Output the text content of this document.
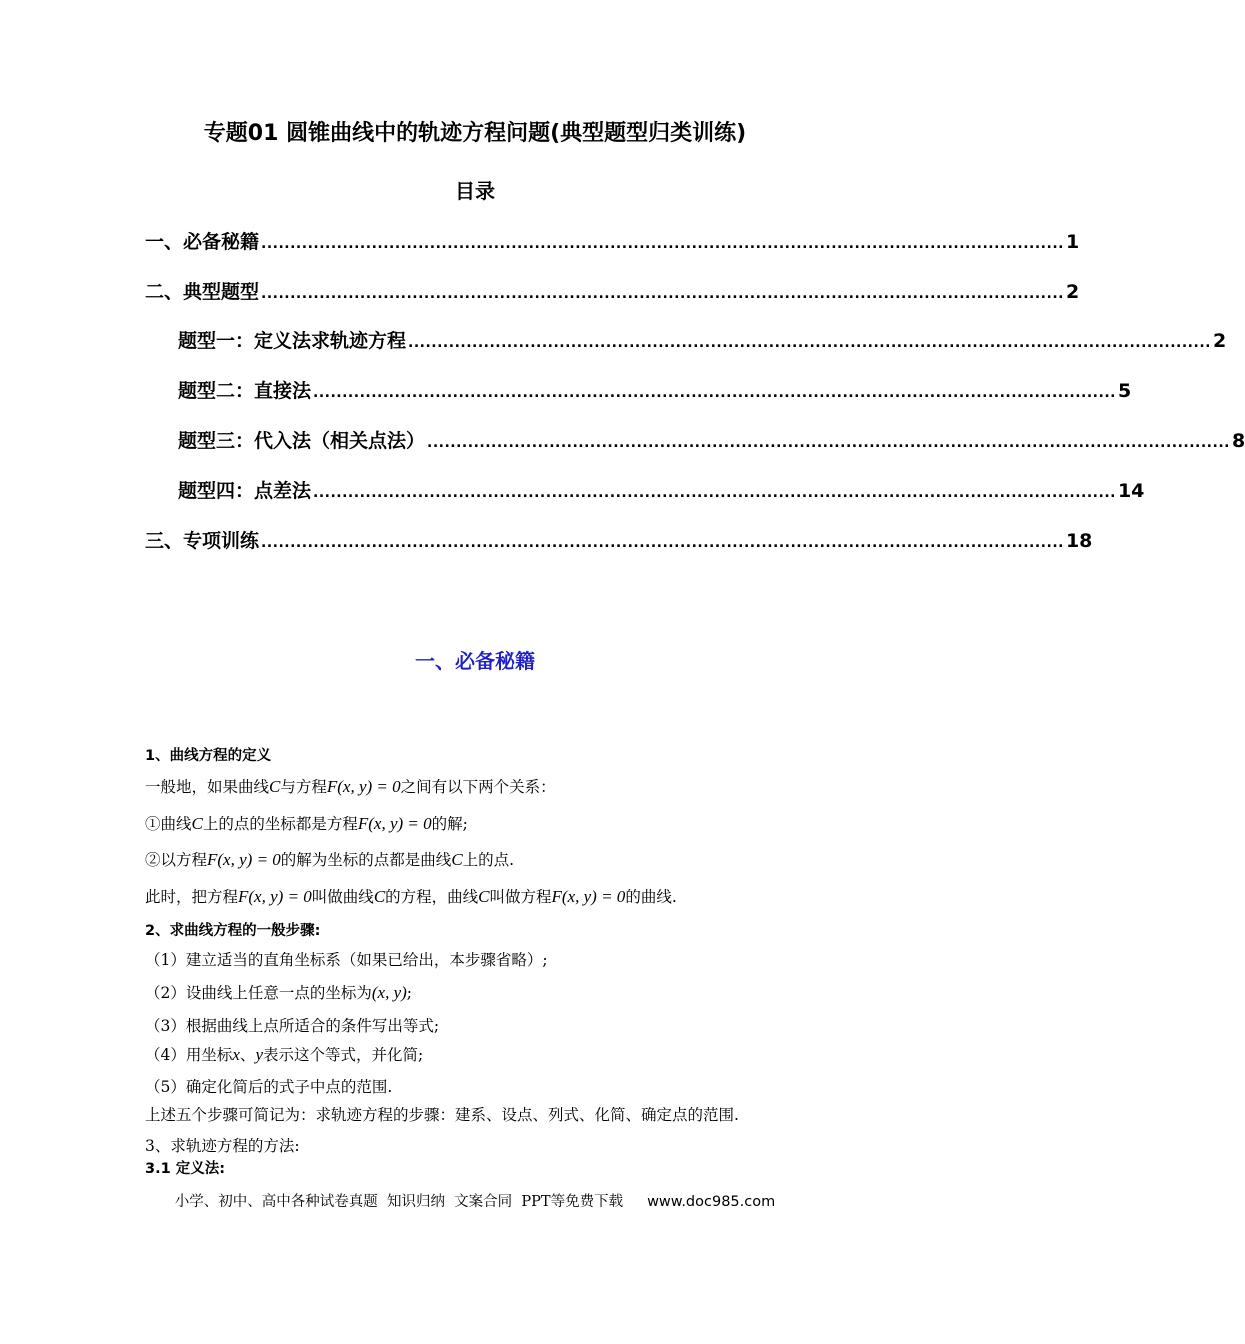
专题01 圆锥曲线中的轨迹方程问题(典型题型归类训练)
目录
一、必备秘籍 .......................................................................................................................................... 1
二、典型题型 .......................................................................................................................................... 2
题型一：定义法求轨迹方程 .......................................................................................................................................... 2
题型二：直接法 .......................................................................................................................................... 5
题型三：代入法（相关点法） .......................................................................................................................................... 8
题型四：点差法 .......................................................................................................................................... 14
三、专项训练 .......................................................................................................................................... 18
一、必备秘籍
1、曲线方程的定义
一般地，如果曲线C与方程F(x, y) = 0之间有以下两个关系：
①曲线C上的点的坐标都是方程F(x, y) = 0的解;
②以方程F(x, y) = 0的解为坐标的点都是曲线C上的点.
此时，把方程F(x, y) = 0叫做曲线C的方程，曲线C叫做方程F(x, y) = 0的曲线.
2、求曲线方程的一般步骤:
（1）建立适当的直角坐标系（如果已给出，本步骤省略）;
（2）设曲线上任意一点的坐标为(x, y);
（3）根据曲线上点所适合的条件写出等式;
（4）用坐标x、y表示这个等式，并化简;
（5）确定化简后的式子中点的范围.
上述五个步骤可简记为：求轨迹方程的步骤：建系、设点、列式、化简、确定点的范围.
3、求轨迹方程的方法:
3.1 定义法:
小学、初中、高中各种试卷真题  知识归纳  文案合同  PPT等免费下载 www.doc985.com
